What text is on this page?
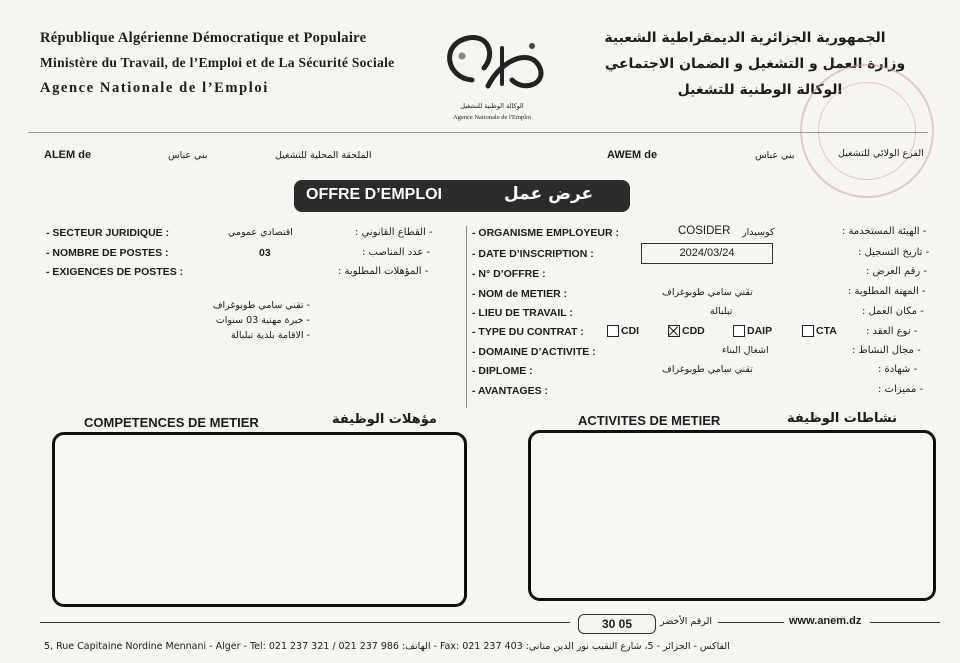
République Algérienne Démocratique et Populaire
Ministère du Travail, de l’Emploi et de La Sécurité Sociale
Agence Nationale de l’Emploi
الوكالة الوطنية للتشغيل
Agence Nationale de l'Emploi
الجمهورية الجزائرية الديمقراطية الشعبية
وزارة العمل و التشغيل و الضمان الاجتماعي
الوكالة الوطنية للتشغيل
ALEM de	بني عباس	الملحقة المحلية للتشغيل	AWEM de	بني عباس	الفرع الولائي للتشغيل
OFFRE D’EMPLOI	عرض عمل
- SECTEUR JURIDIQUE :	اقتصادي عمومي	- القطاع القانوني :
- NOMBRE DE POSTES :	03	- عدد المناصب :
- EXIGENCES DE POSTES :	- المؤهلات المطلوبة :
- تقني سامي طوبوغراف
- خبرة مهنية 03 سنوات
- الاقامة بلدية تبلبالة
- ORGANISME EMPLOYEUR :	COSIDER كوسيدار	- الهيئة المستخدمة :
- DATE D’INSCRIPTION :	2024/03/24	- تاريخ التسجيل :
- N° D’OFFRE :	- رقم العرض :
- NOM de METIER :	تقني سامي طوبوغراف	- المهنة المطلوبة :
- LIEU DE TRAVAIL :	تبلبالة	- مكان العمل :
- TYPE DU CONTRAT :	CDI	CDD	DAIP	CTA	- نوع العقد :
- DOMAINE D’ACTIVITE :	اشغال البناء	- مجال النشاط :
- DIPLOME :	تقني سامي طوبوغراف	- شهادة :
- AVANTAGES :	- مميزات :
COMPETENCES DE METIER	مؤهلات الوظيفة	ACTIVITES DE METIER	نشاطات الوظيفة
30 05	الرقم الأخضر	www.anem.dz
5, Rue Capitaine Nordine Mennani - Alger - Tel: 021 237 321 / 021 237 986 :الهاتف - Fax: 021 237 403 :الفاكس - الجزائر - 5، شارع النقيب نور الدين مناني
